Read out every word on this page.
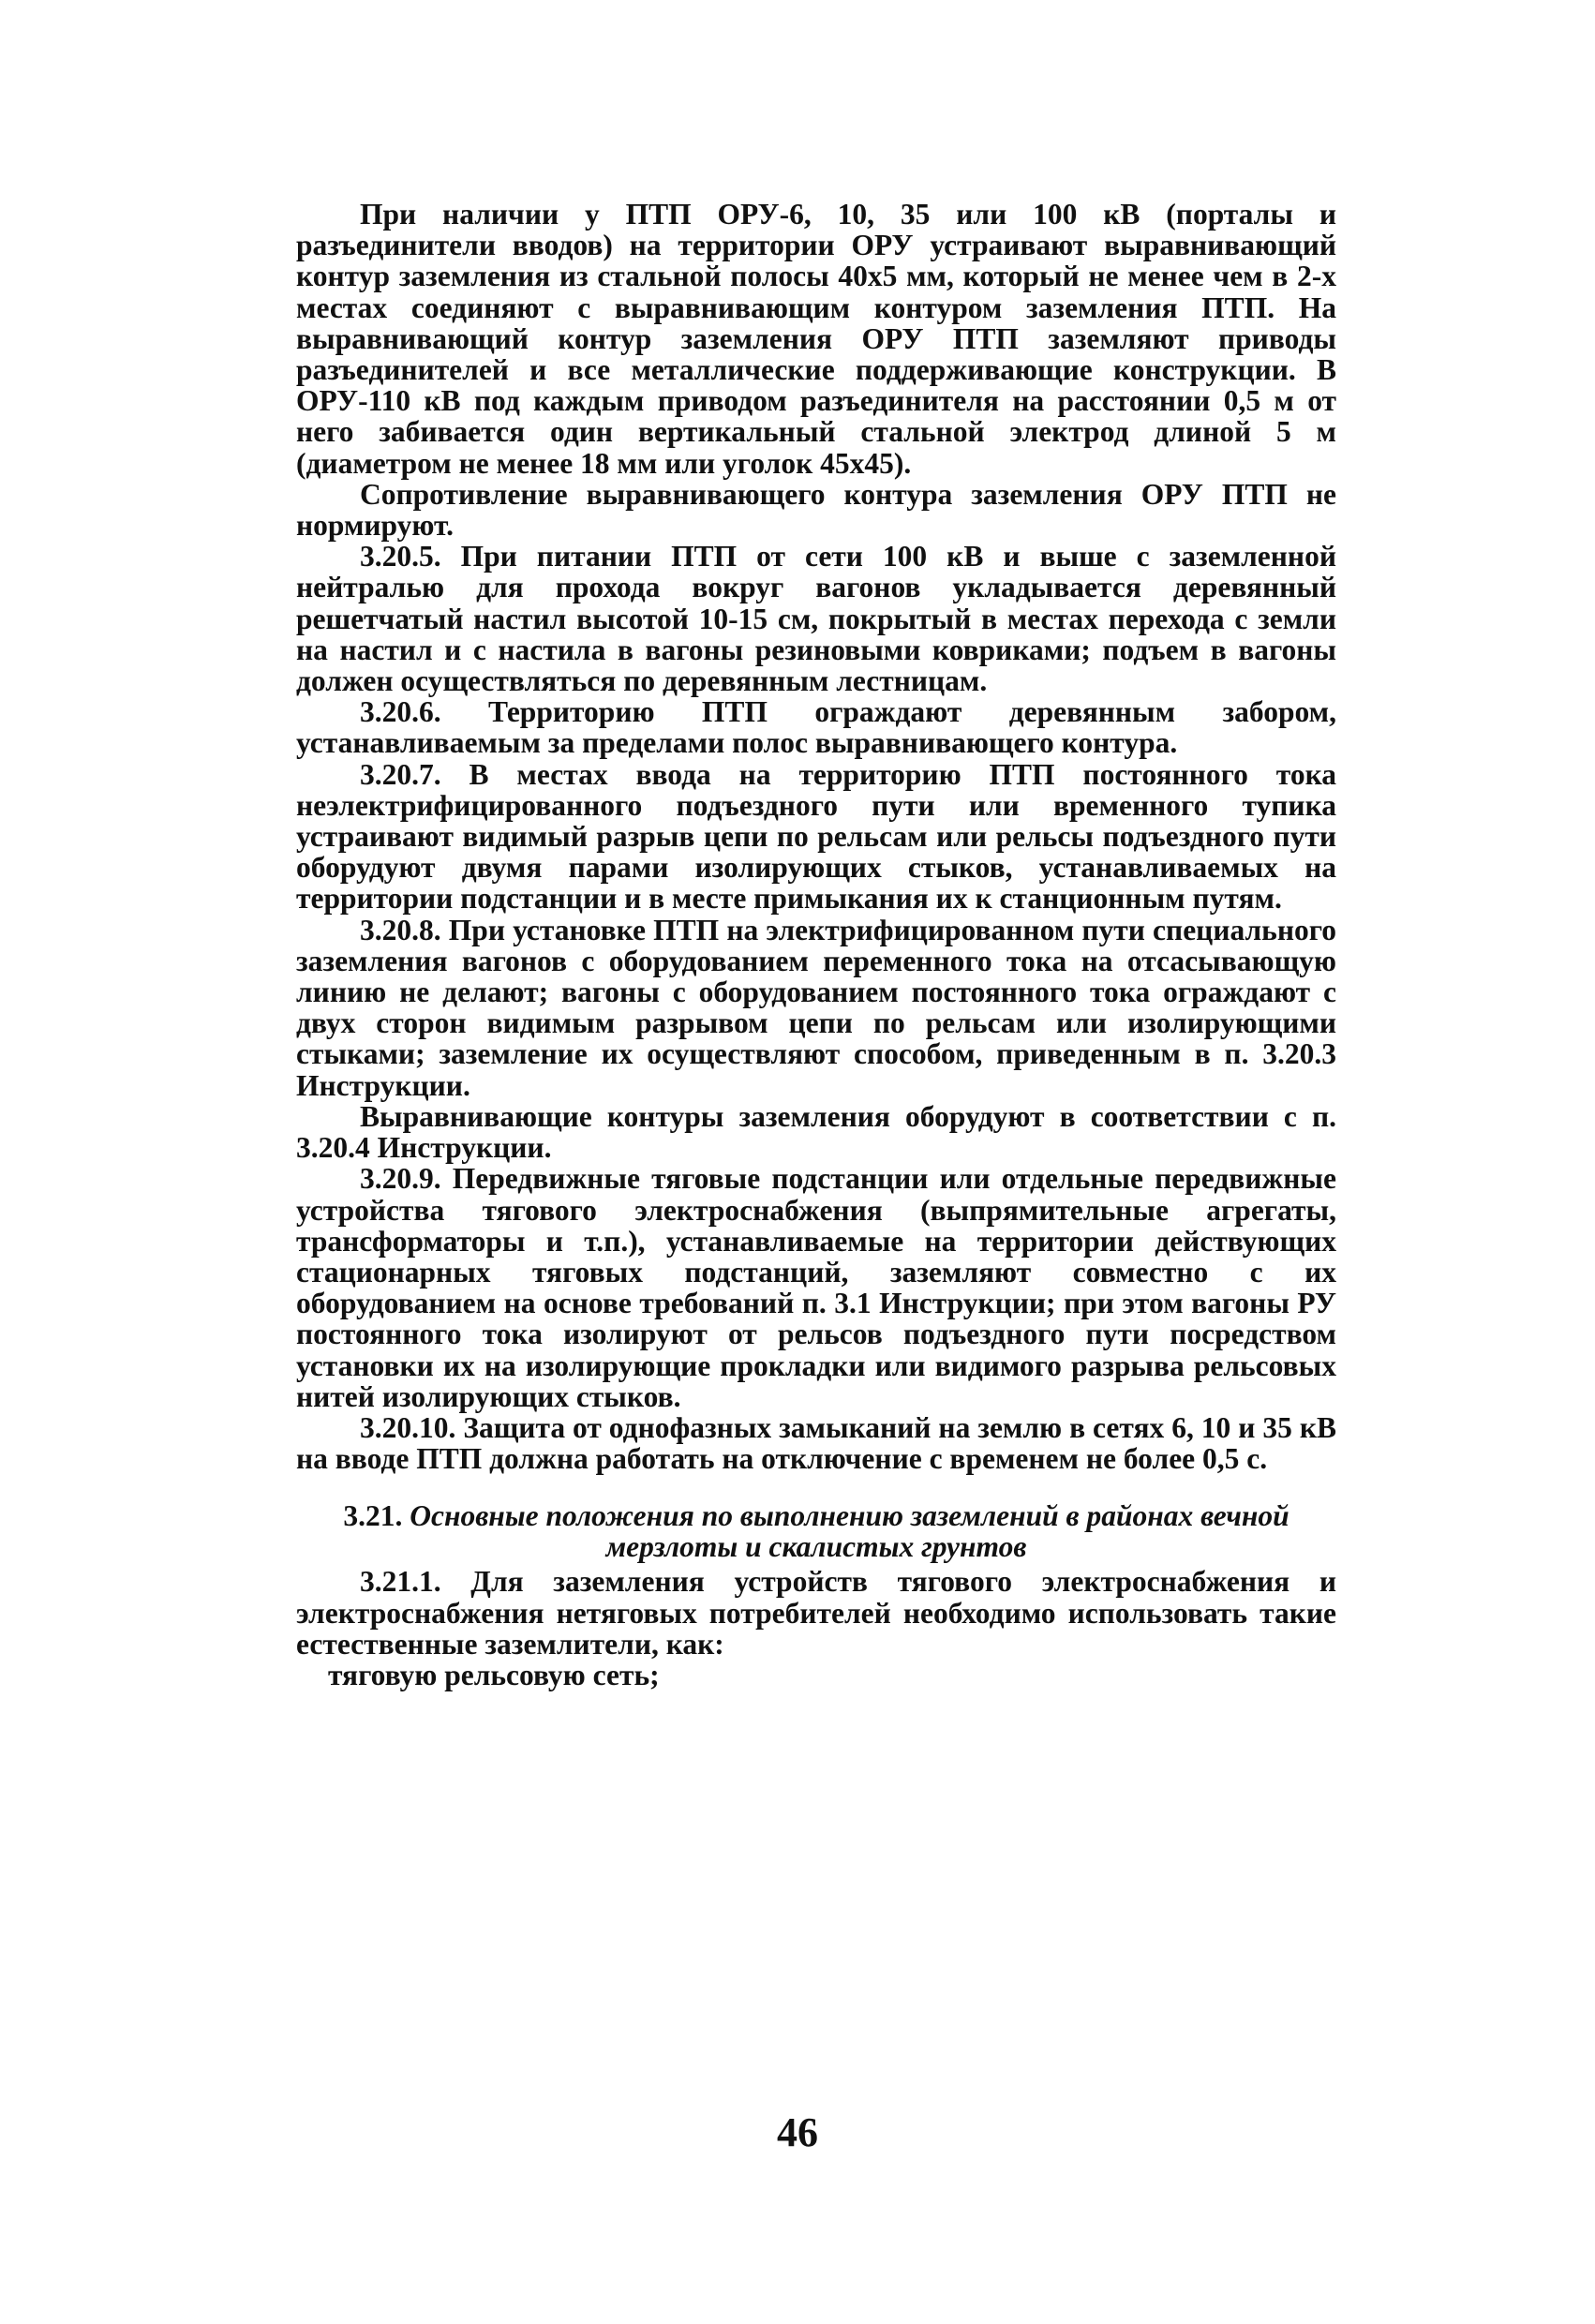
При наличии у ПТП ОРУ-6, 10, 35 или 100 кВ (порталы и разъединители вводов) на территории ОРУ устраивают выравнивающий контур заземления из стальной полосы 40х5 мм, который не менее чем в 2-х местах соединяют с выравнивающим контуром заземления ПТП. На выравнивающий контур заземления ОРУ ПТП заземляют приводы разъединителей и все металлические поддерживающие конструкции. В ОРУ-110 кВ под каждым приводом разъединителя на расстоянии 0,5 м от него забивается один вертикальный стальной электрод длиной 5 м (диаметром не менее 18 мм или уголок 45х45).

Сопротивление выравнивающего контура заземления ОРУ ПТП не нормируют.

3.20.5. При питании ПТП от сети 100 кВ и выше с заземленной нейтралью для прохода вокруг вагонов укладывается деревянный решетчатый настил высотой 10-15 см, покрытый в местах перехода с земли на настил и с настила в вагоны резиновыми ковриками; подъем в вагоны должен осуществляться по деревянным лестницам.

3.20.6. Территорию ПТП ограждают деревянным забором, устанавливаемым за пределами полос выравнивающего контура.

3.20.7. В местах ввода на территорию ПТП постоянного тока неэлектрифицированного подъездного пути или временного тупика устраивают видимый разрыв цепи по рельсам или рельсы подъездного пути оборудуют двумя парами изолирующих стыков, устанавливаемых на территории подстанции и в месте примыкания их к станционным путям.

3.20.8. При установке ПТП на электрифицированном пути специального заземления вагонов с оборудованием переменного тока на отсасывающую линию не делают; вагоны с оборудованием постоянного тока ограждают с двух сторон видимым разрывом цепи по рельсам или изолирующими стыками; заземление их осуществляют способом, приведенным в п. 3.20.3 Инструкции.

Выравнивающие контуры заземления оборудуют в соответствии с п. 3.20.4 Инструкции.

3.20.9. Передвижные тяговые подстанции или отдельные передвижные устройства тягового электроснабжения (выпрямительные агрегаты, трансформаторы и т.п.), устанавливаемые на территории действующих стационарных тяговых подстанций, заземляют совместно с их оборудованием на основе требований п. 3.1 Инструкции; при этом вагоны РУ постоянного тока изолируют от рельсов подъездного пути посредством установки их на изолирующие прокладки или видимого разрыва рельсовых нитей изолирующих стыков.

3.20.10. Защита от однофазных замыканий на землю в сетях 6, 10 и 35 кВ на вводе ПТП должна работать на отключение с временем не более 0,5 с.

3.21. Основные положения по выполнению заземлений в районах вечной мерзлоты и скалистых грунтов

3.21.1. Для заземления устройств тягового электроснабжения и электроснабжения нетяговых потребителей необходимо использовать такие естественные заземлители, как:

тяговую рельсовую сеть;

46
